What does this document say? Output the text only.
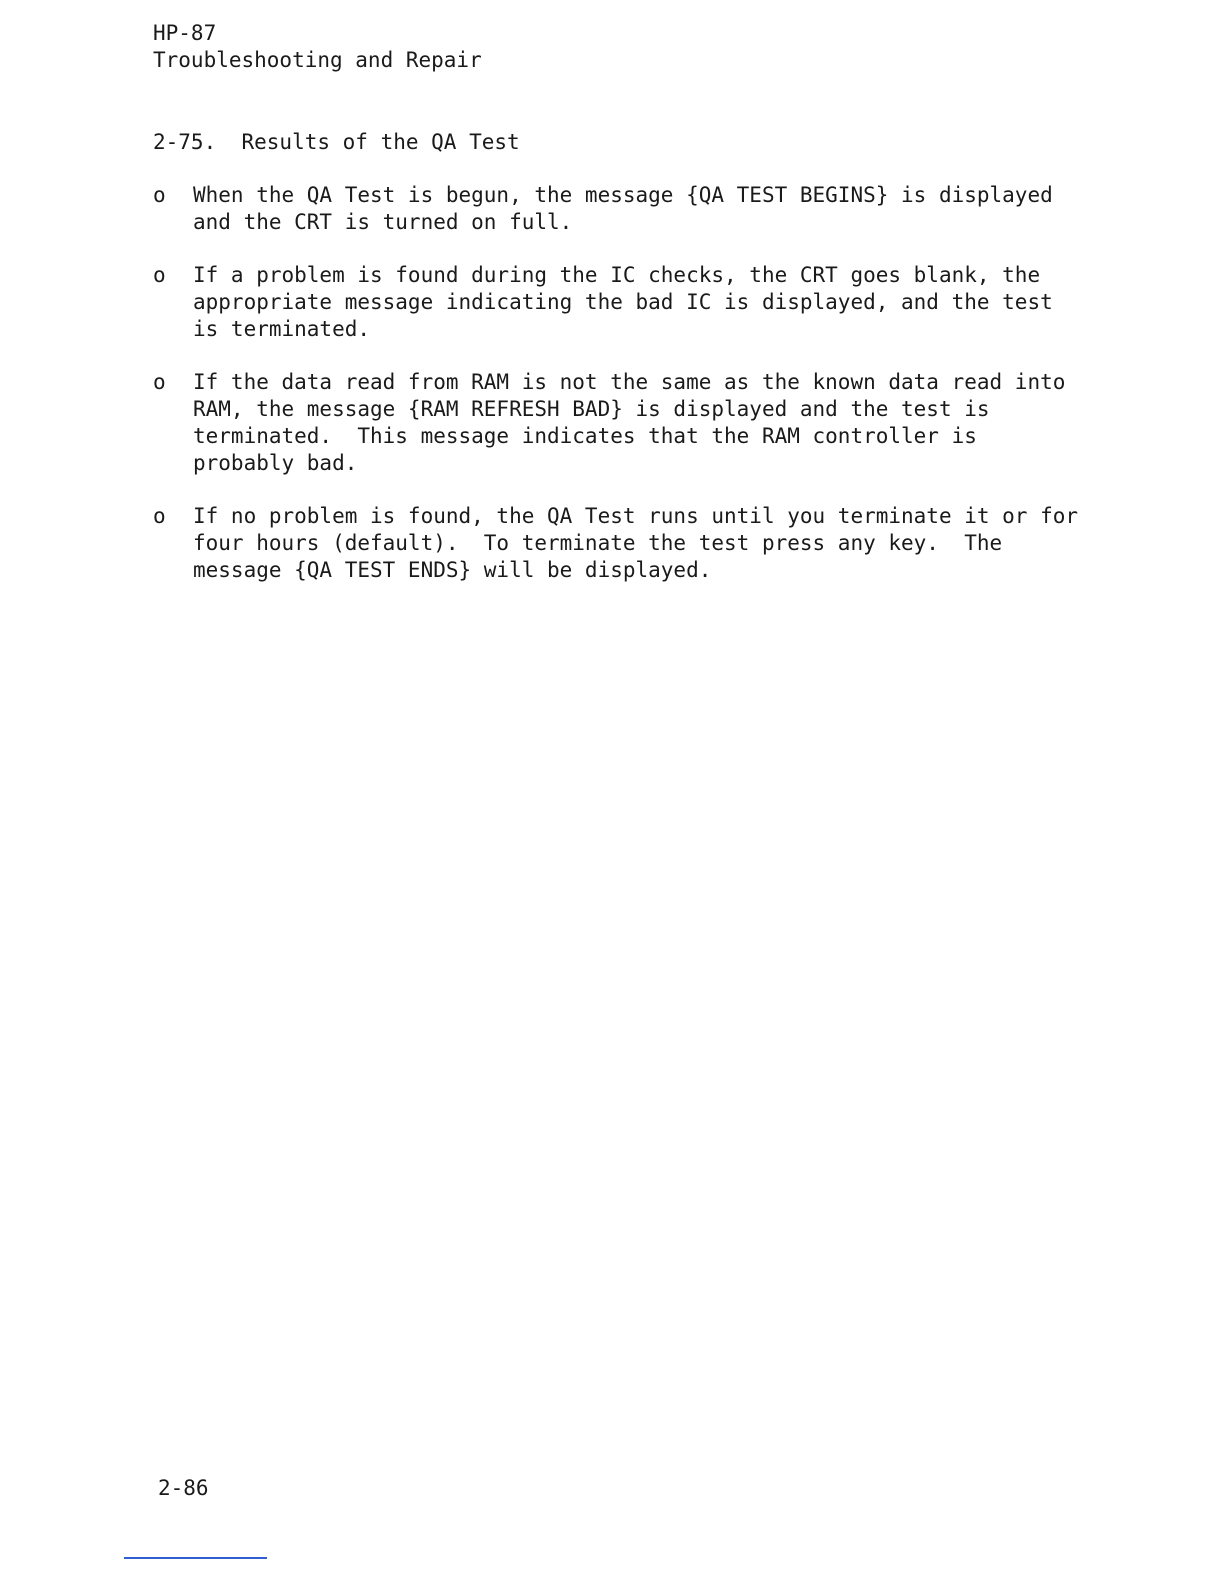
HP-87
Troubleshooting and Repair
2-75.  Results of the QA Test
o	When the QA Test is begun, the message {QA TEST BEGINS} is displayed
and the CRT is turned on full.
o	If a problem is found during the IC checks, the CRT goes blank, the
appropriate message indicating the bad IC is displayed, and the test
is terminated.
o	If the data read from RAM is not the same as the known data read into
RAM, the message {RAM REFRESH BAD} is displayed and the test is
terminated.  This message indicates that the RAM controller is
probably bad.
o	If no problem is found, the QA Test runs until you terminate it or for
four hours (default).  To terminate the test press any key.  The
message {QA TEST ENDS} will be displayed.
2-86
